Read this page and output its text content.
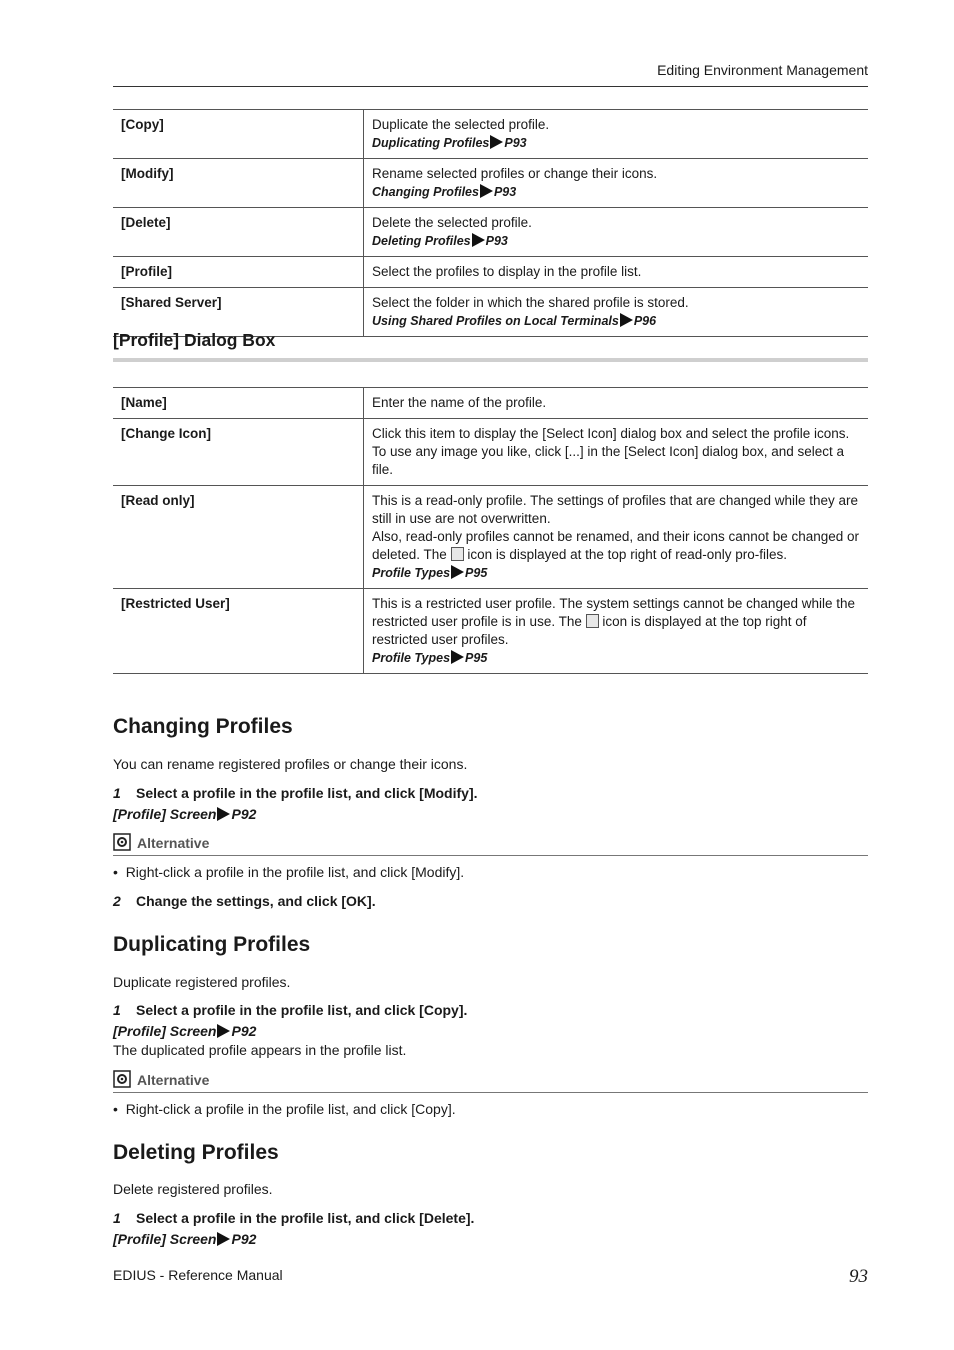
Editing Environment Management
[Copy]	Duplicate the selected profile.
Duplicating Profiles P93

[Modify]	Rename selected profiles or change their icons.
Changing Profiles P93

[Delete]	Delete the selected profile.
Deleting Profiles P93

[Profile]	Select the profiles to display in the profile list.

[Shared Server]	Select the folder in which the shared profile is stored.
Using Shared Profiles on Local Terminals P96
[Profile] Dialog Box
[Name]	Enter the name of the profile.

[Change Icon]	Click this item to display the [Select Icon] dialog box and select the profile icons.
To use any image you like, click [...] in the [Select Icon] dialog box, and select a file.

[Read only]	This is a read-only profile. The settings of profiles that are changed while they are still in use are not overwritten.
Also, read-only profiles cannot be renamed, and their icons cannot be changed or deleted. The icon is displayed at the top right of read-only pro-files.
Profile Types P95

[Restricted User]	This is a restricted user profile. The system settings cannot be changed while the restricted user profile is in use. The icon is displayed at the top right of restricted user profiles.
Profile Types P95
Changing Profiles
You can rename registered profiles or change their icons.
1 Select a profile in the profile list, and click [Modify].
[Profile] Screen P92
Alternative
•  Right-click a profile in the profile list, and click [Modify].
2 Change the settings, and click [OK].
Duplicating Profiles
Duplicate registered profiles.
1 Select a profile in the profile list, and click [Copy].
[Profile] Screen P92
The duplicated profile appears in the profile list.
Alternative
•  Right-click a profile in the profile list, and click [Copy].
Deleting Profiles
Delete registered profiles.
1 Select a profile in the profile list, and click [Delete].
[Profile] Screen P92
EDIUS - Reference Manual	93
